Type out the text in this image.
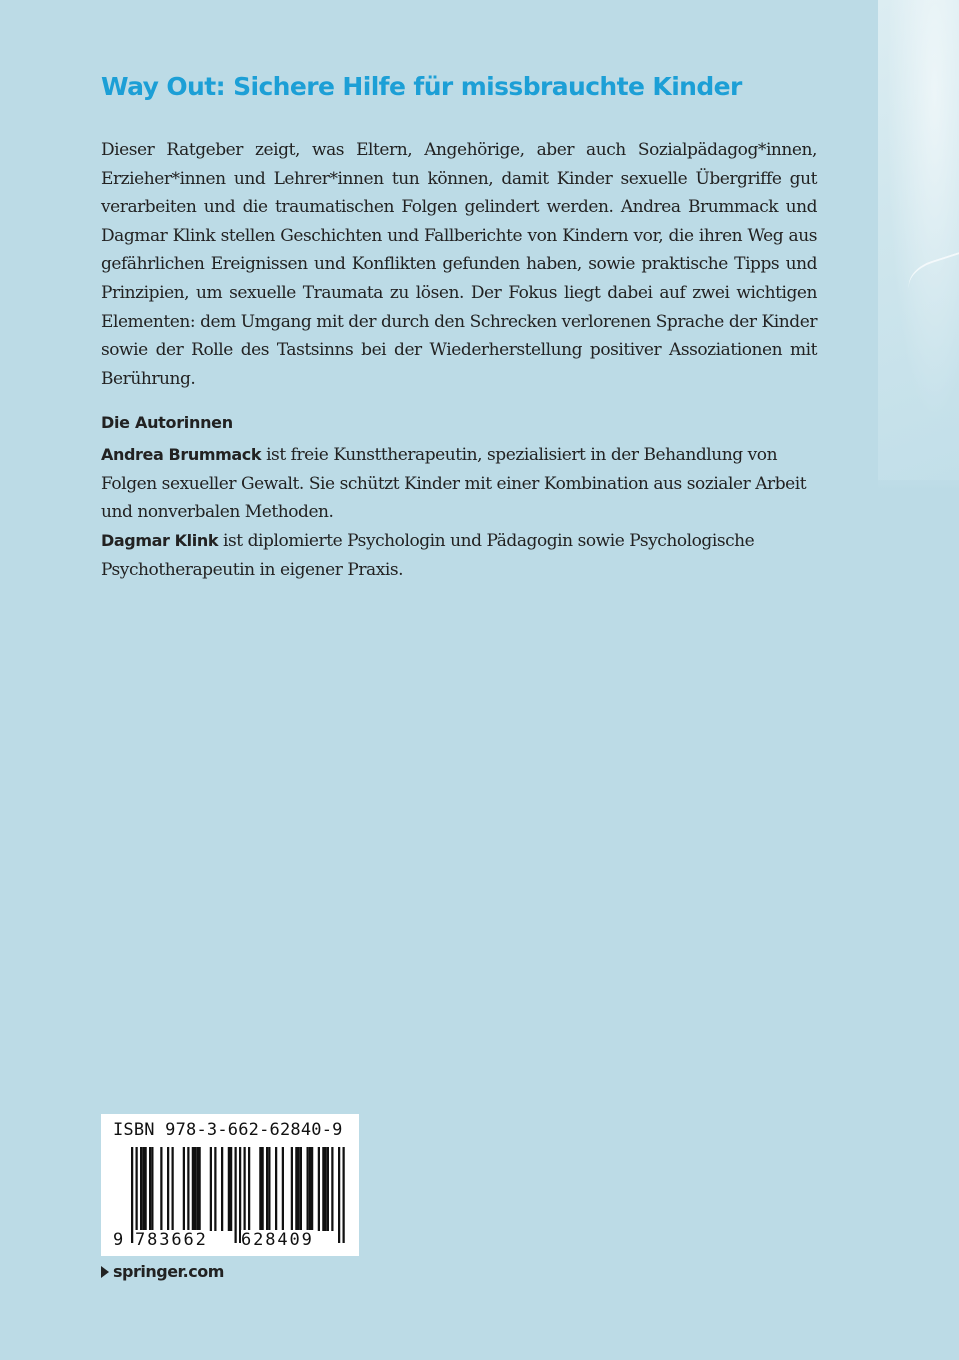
Way Out: Sichere Hilfe für missbrauchte Kinder

Dieser Ratgeber zeigt, was Eltern, Angehörige, aber auch Sozialpädagog*innen, Erzieher*innen und Lehrer*innen tun können, damit Kinder sexuelle Übergriffe gut verarbeiten und die traumatischen Folgen gelindert werden. Andrea Brummack und Dagmar Klink stellen Geschichten und Fallberichte von Kindern vor, die ihren Weg aus gefährlichen Ereignissen und Konflikten gefunden haben, sowie praktische Tipps und Prinzipien, um sexuelle Traumata zu lösen. Der Fokus liegt dabei auf zwei wichtigen Elementen: dem Umgang mit der durch den Schrecken verlorenen Sprache der Kinder sowie der Rolle des Tastsinns bei der Wiederherstellung positiver Assoziationen mit Berührung.

Die Autorinnen

Andrea Brummack ist freie Kunsttherapeutin, spezialisiert in der Behandlung von Folgen sexueller Gewalt. Sie schützt Kinder mit einer Kombination aus sozialer Arbeit und nonverbalen Methoden.

Dagmar Klink ist diplomierte Psychologin und Pädagogin sowie Psychologische Psychotherapeutin in eigener Praxis.

ISBN 978-3-662-62840-9
9 783662 628409
springer.com
